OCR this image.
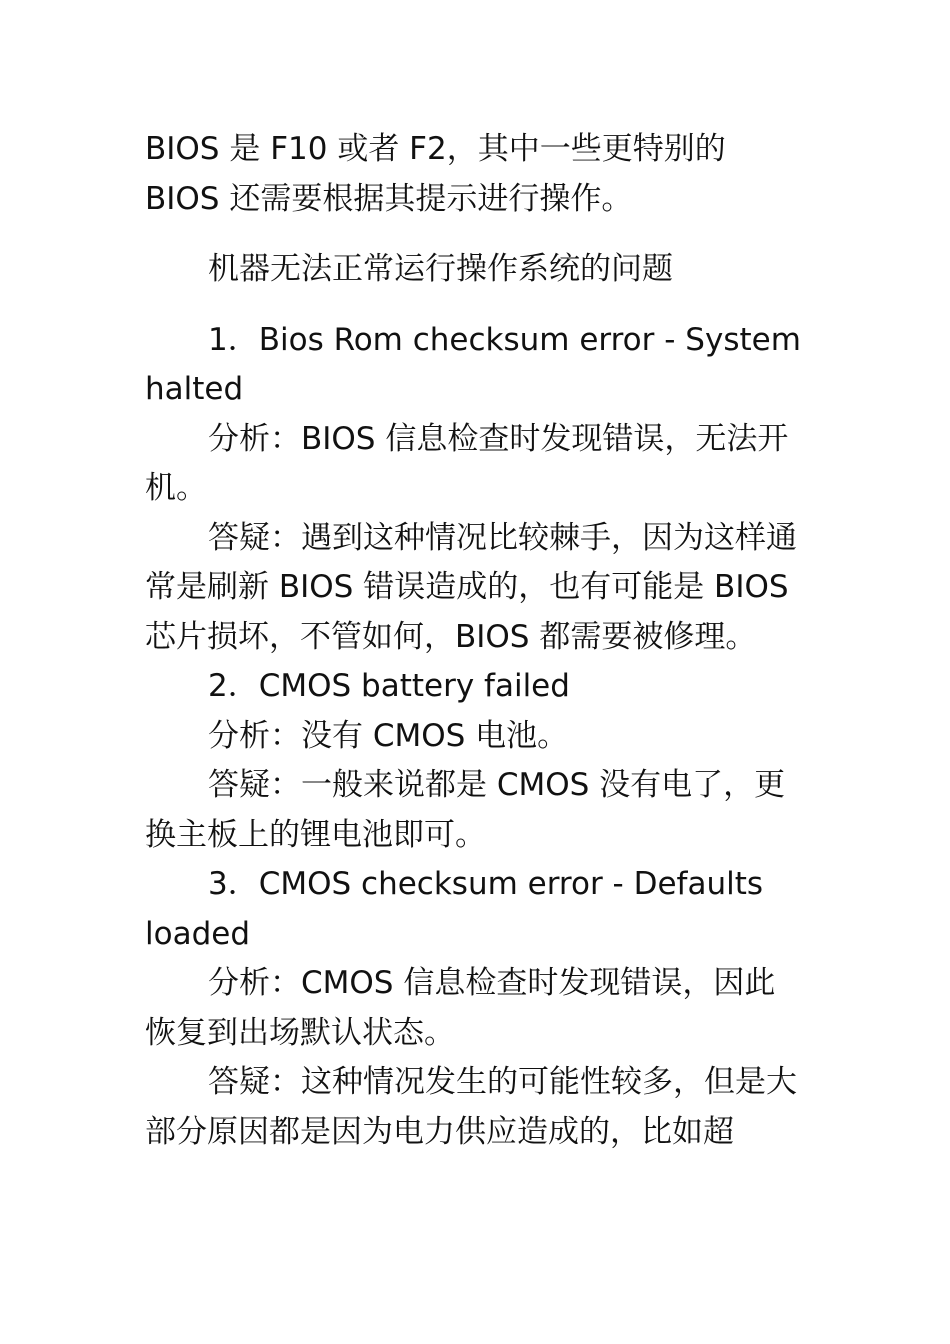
BIOS 是 F10 或者 F2，其中一些更特别的 BIOS 还需要根据其提示进行操作。

机器无法正常运行操作系统的问题

1．Bios Rom checksum error - System halted

分析：BIOS 信息检查时发现错误，无法开机。

答疑：遇到这种情况比较棘手，因为这样通常是刷新 BIOS 错误造成的，也有可能是 BIOS 芯片损坏，不管如何，BIOS 都需要被修理。

2．CMOS battery failed

分析：没有 CMOS 电池。

答疑：一般来说都是 CMOS 没有电了，更换主板上的锂电池即可。

3．CMOS checksum error - Defaults loaded

分析：CMOS 信息检查时发现错误，因此恢复到出场默认状态。

答疑：这种情况发生的可能性较多，但是大部分原因都是因为电力供应造成的，比如超
